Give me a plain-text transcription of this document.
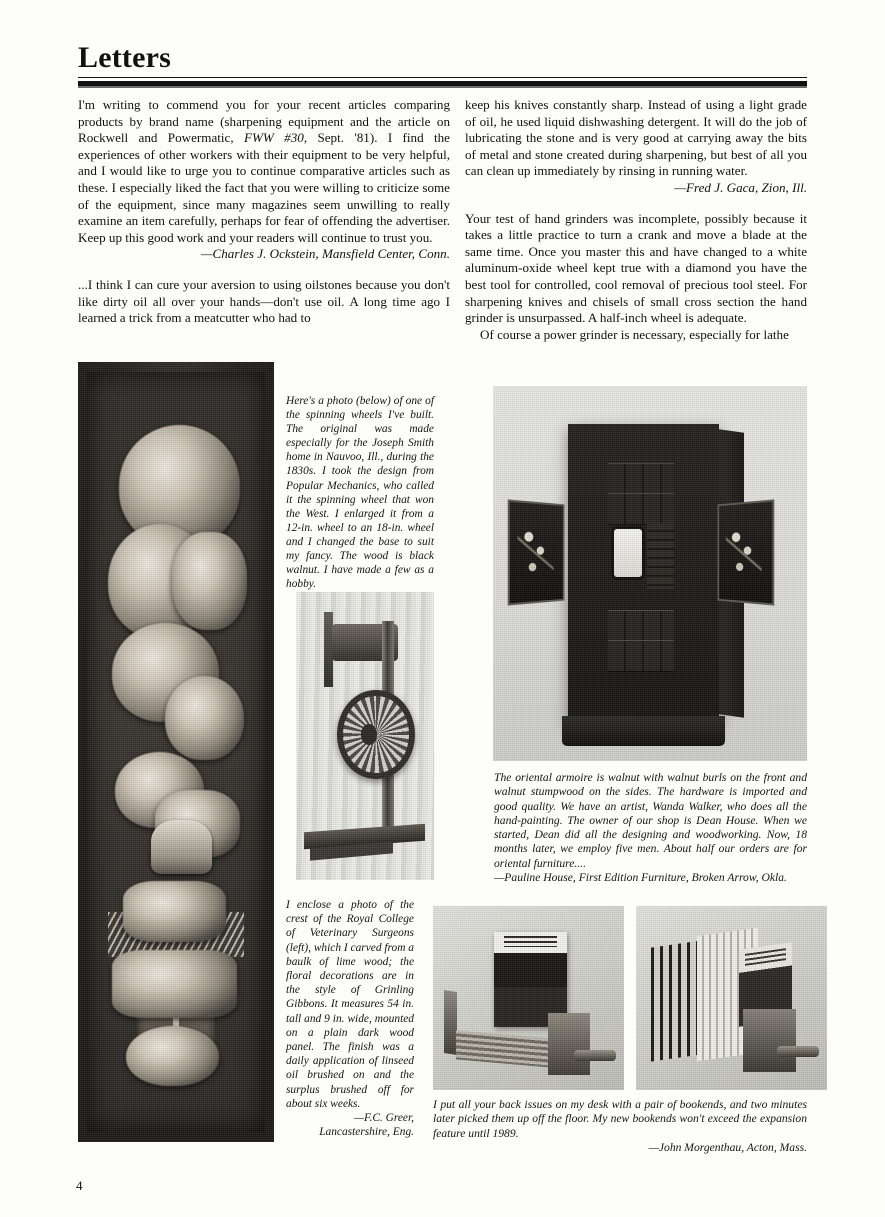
Letters

I'm writing to commend you for your recent articles comparing products by brand name (sharpening equipment and the article on Rockwell and Powermatic, FWW #30, Sept. '81). I find the experiences of other workers with their equipment to be very helpful, and I would like to urge you to continue comparative articles such as these. I especially liked the fact that you were willing to criticize some of the equipment, since many magazines seem unwilling to really examine an item carefully, perhaps for fear of offending the advertiser. Keep up this good work and your readers will continue to trust you.
—Charles J. Ockstein, Mansfield Center, Conn.

...I think I can cure your aversion to using oilstones because you don't like dirty oil all over your hands—don't use oil. A long time ago I learned a trick from a meatcutter who had to

keep his knives constantly sharp. Instead of using a light grade of oil, he used liquid dishwashing detergent. It will do the job of lubricating the stone and is very good at carrying away the bits of metal and stone created during sharpening, but best of all you can clean up immediately by rinsing in running water.
—Fred J. Gaca, Zion, Ill.

Your test of hand grinders was incomplete, possibly because it takes a little practice to turn a crank and move a blade at the same time. Once you master this and have changed to a white aluminum-oxide wheel kept true with a diamond you have the best tool for controlled, cool removal of precious tool steel. For sharpening knives and chisels of small cross section the hand grinder is unsurpassed. A half-inch wheel is adequate.

Of course a power grinder is necessary, especially for lathe

Here's a photo (below) of one of the spinning wheels I've built. The original was made especially for the Joseph Smith home in Nauvoo, Ill., during the 1830s. I took the design from Popular Mechanics, who called it the spinning wheel that won the West. I enlarged it from a 12-in. wheel to an 18-in. wheel and I changed the base to suit my fancy. The wood is black walnut. I have made a few as a hobby.
The oriental armoire is walnut with walnut burls on the front and walnut stumpwood on the sides. The hardware is imported and good quality. We have an artist, Wanda Walker, who does all the hand-painting. The owner of our shop is Dean House. When we started, Dean did all the designing and woodworking. Now, 18 months later, we employ five men. About half our orders are for oriental furniture....
—Pauline House, First Edition Furniture, Broken Arrow, Okla.
I enclose a photo of the crest of the Royal College of Veterinary Surgeons (left), which I carved from a baulk of lime wood; the floral decorations are in the style of Grinling Gibbons. It measures 54 in. tall and 9 in. wide, mounted on a plain dark wood panel. The finish was a daily application of linseed oil brushed on and the surplus brushed off for about six weeks.
—F.C. Greer,
Lancastershire, Eng.
I put all your back issues on my desk with a pair of bookends, and two minutes later picked them up off the floor. My new bookends won't exceed the expansion feature until 1989.
—John Morgenthau, Acton, Mass.
4
